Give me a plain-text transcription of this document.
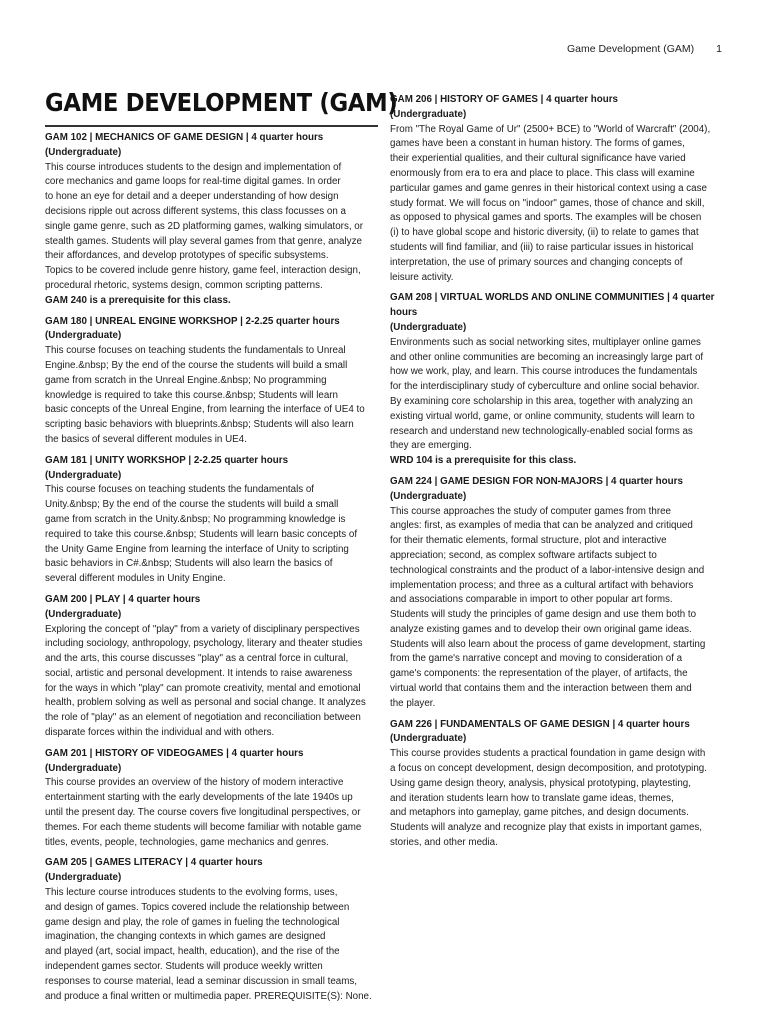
Game Development (GAM) 1
GAME DEVELOPMENT (GAM)
GAM 102 | MECHANICS OF GAME DESIGN | 4 quarter hours
(Undergraduate)
This course introduces students to the design and implementation of
core mechanics and game loops for real-time digital games. In order
to hone an eye for detail and a deeper understanding of how design
decisions ripple out across different systems, this class focusses on a
single game genre, such as 2D platforming games, walking simulators, or
stealth games. Students will play several games from that genre, analyze
their affordances, and develop prototypes of specific subsystems.
Topics to be covered include genre history, game feel, interaction design,
procedural rhetoric, systems design, common scripting patterns.
GAM 240 is a prerequisite for this class.
GAM 180 | UNREAL ENGINE WORKSHOP | 2-2.25 quarter hours
(Undergraduate)
This course focuses on teaching students the fundamentals to Unreal
Engine.&nbsp; By the end of the course the students will build a small
game from scratch in the Unreal Engine.&nbsp; No programming
knowledge is required to take this course.&nbsp; Students will learn
basic concepts of the Unreal Engine, from learning the interface of UE4 to
scripting basic behaviors with blueprints.&nbsp; Students will also learn
the basics of several different modules in UE4.
GAM 181 | UNITY WORKSHOP | 2-2.25 quarter hours
(Undergraduate)
This course focuses on teaching students the fundamentals of
Unity.&nbsp; By the end of the course the students will build a small
game from scratch in the Unity.&nbsp; No programming knowledge is
required to take this course.&nbsp; Students will learn basic concepts of
the Unity Game Engine from learning the interface of Unity to scripting
basic behaviors in C#.&nbsp; Students will also learn the basics of
several different modules in Unity Engine.
GAM 200 | PLAY | 4 quarter hours
(Undergraduate)
Exploring the concept of "play" from a variety of disciplinary perspectives
including sociology, anthropology, psychology, literary and theater studies
and the arts, this course discusses "play" as a central force in cultural,
social, artistic and personal development. It intends to raise awareness
for the ways in which "play" can promote creativity, mental and emotional
health, problem solving as well as personal and social change. It analyzes
the role of "play" as an element of negotiation and reconciliation between
disparate forces within the individual and with others.
GAM 201 | HISTORY OF VIDEOGAMES | 4 quarter hours
(Undergraduate)
This course provides an overview of the history of modern interactive
entertainment starting with the early developments of the late 1940s up
until the present day. The course covers five longitudinal perspectives, or
themes. For each theme students will become familiar with notable game
titles, events, people, technologies, game mechanics and genres.
GAM 205 | GAMES LITERACY | 4 quarter hours
(Undergraduate)
This lecture course introduces students to the evolving forms, uses,
and design of games. Topics covered include the relationship between
game design and play, the role of games in fueling the technological
imagination, the changing contexts in which games are designed
and played (art, social impact, health, education), and the rise of the
independent games sector. Students will produce weekly written
responses to course material, lead a seminar discussion in small teams,
and produce a final written or multimedia paper. PREREQUISITE(S): None.
GAM 206 | HISTORY OF GAMES | 4 quarter hours
(Undergraduate)
From "The Royal Game of Ur" (2500+ BCE) to "World of Warcraft" (2004),
games have been a constant in human history. The forms of games,
their experiential qualities, and their cultural significance have varied
enormously from era to era and place to place. This class will examine
particular games and game genres in their historical context using a case
study format. We will focus on "indoor" games, those of chance and skill,
as opposed to physical games and sports. The examples will be chosen
(i) to have global scope and historic diversity, (ii) to relate to games that
students will find familiar, and (iii) to raise particular issues in historical
interpretation, the use of primary sources and changing concepts of
leisure activity.
GAM 208 | VIRTUAL WORLDS AND ONLINE COMMUNITIES | 4 quarter
hours
(Undergraduate)
Environments such as social networking sites, multiplayer online games
and other online communities are becoming an increasingly large part of
how we work, play, and learn. This course introduces the fundamentals
for the interdisciplinary study of cyberculture and online social behavior.
By examining core scholarship in this area, together with analyzing an
existing virtual world, game, or online community, students will learn to
research and understand new technologically-enabled social forms as
they are emerging.
WRD 104 is a prerequisite for this class.
GAM 224 | GAME DESIGN FOR NON-MAJORS | 4 quarter hours
(Undergraduate)
This course approaches the study of computer games from three
angles: first, as examples of media that can be analyzed and critiqued
for their thematic elements, formal structure, plot and interactive
appreciation; second, as complex software artifacts subject to
technological constraints and the product of a labor-intensive design and
implementation process; and three as a cultural artifact with behaviors
and associations comparable in import to other popular art forms.
Students will study the principles of game design and use them both to
analyze existing games and to develop their own original game ideas.
Students will also learn about the process of game development, starting
from the game's narrative concept and moving to consideration of a
game's components: the representation of the player, of artifacts, the
virtual world that contains them and the interaction between them and
the player.
GAM 226 | FUNDAMENTALS OF GAME DESIGN | 4 quarter hours
(Undergraduate)
This course provides students a practical foundation in game design with
a focus on concept development, design decomposition, and prototyping.
Using game design theory, analysis, physical prototyping, playtesting,
and iteration students learn how to translate game ideas, themes,
and metaphors into gameplay, game pitches, and design documents.
Students will analyze and recognize play that exists in important games,
stories, and other media.
